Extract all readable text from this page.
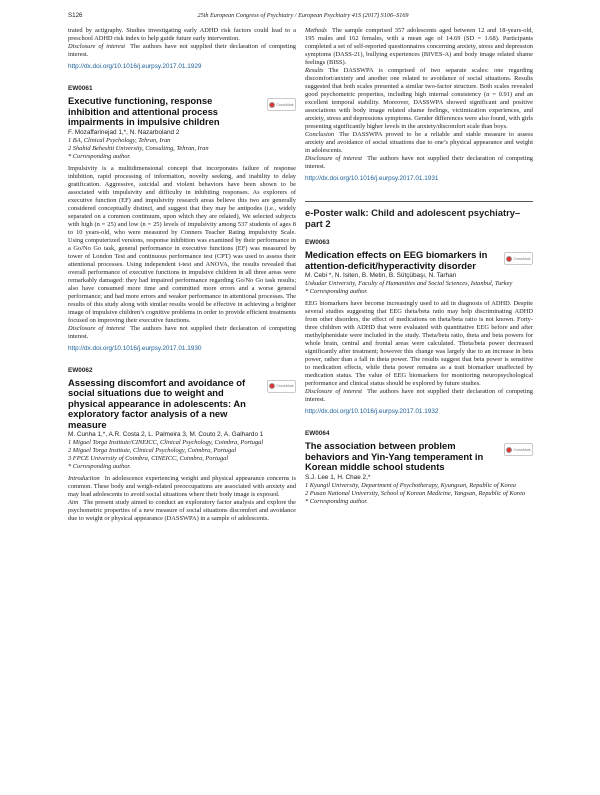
S126	25th European Congress of Psychiatry / European Psychiatry 41S (2017) S106–S169

trated by actigraphy. Studies investigating early ADHD risk factors could lead to a preschool ADHD risk index to help guide future early intervention.

Disclosure of interest The authors have not supplied their declaration of competing interest.

http://dx.doi.org/10.1016/j.eurpsy.2017.01.1929

EW0061
Executive functioning, response inhibition and attentional process impairments in impulsive children
CrossMark
F. Mozaffarinejad 1,*, N. Nazarboland 2
1 BA, Clinical Psychology, Tehran, Iran
2 Shahid Beheshti University, Consulting, Tehran, Iran
* Corresponding author.

Impulsivity is a multidimensional concept that incorporates failure of response inhibition, rapid processing of information, novelty seeking, and inability to delay gratification. Aggressive, suicidal and violent behaviors have been shown to be associated with impulsivity and difficulty in inhibiting responses. As explorers of executive function (EF) and impulsivity research areas believe this two are generally considered conceptually distinct, and suggest that they may be antipodes (i.e., widely separated on a common continuum, upon which they are related), We selected subjects with high (n = 25) and low (n = 25) levels of impulsivity among 537 students of ages 8 to 10 years-old, who were measured by Conners Teacher Rating impulsivity Scale. Using computerized versions, response inhibition was examined by their performance in a Go/No Go task, general performance in executive functions (EF) was measured by tower of London Test and continuous performance test (CPT) was used to assess their attentional processes. Using independent t-test and ANOVA, the results revealed that overall performance of executive functions in impulsive children in all three areas were remarkably damaged: they had impaired performance regarding Go/No Go task results; also have consumed more time and committed more errors and a worse general performance; and had more errors and weaker performance in attentional processes. The results of this study along with similar results would be effective in achieving a brighter image of impulsive children’s cognitive problems in order to provide efficient treatments focused on improving their executive functions.

Disclosure of interest The authors have not supplied their declaration of competing interest.

http://dx.doi.org/10.1016/j.eurpsy.2017.01.1930

EW0062
Assessing discomfort and avoidance of social situations due to weight and physical appearance in adolescents: An exploratory factor analysis of a new measure
CrossMark
M. Cunha 1,*, A.R. Costa 2, L. Palmeira 3, M. Couto 2, A. Galhardo 1
1 Miguel Torga Institute/CINEICC, Clinical Psychology, Coimbra, Portugal
2 Miguel Torga Institute, Clinical Psychology, Coimbra, Portugal
3 FPCE University of Coimbra, CINEICC, Coimbra, Portugal
* Corresponding author.

Introduction In adolescence experiencing weight and physical appearance concerns is common. These body and weigh-related preoccupations are associated with anxiety and may lead adolescents to avoid social situations where their body image is exposed.

Aim The present study aimed to conduct an exploratory factor analysis and explore the psychometric properties of a new measure of social situations discomfort and avoidance due to weight or physical appearance (DASSWPA) in a sample of adolescents.

Methods The sample comprised 357 adolescents aged between 12 and 18-years-old, 195 males and 162 females, with a mean age of 14.69 (SD = 1.68). Participants completed a set of self-reported questionnaires concerning anxiety, stress and depression symptoms (DASS-21), bullying experiences (BIVES-A) and body image related shame feelings (BISS).

Results The DASSWPA is comprised of two separate scales: one regarding discomfort/anxiety and another one related to avoidance of social situations. Results suggested that both scales presented a similar two-factor structure. Both scales revealed good psychometric properties, including high internal consistency (α = 0.91) and an excellent temporal stability. Moreover, DASSWPA showed significant and positive associations with body image related shame feelings, victimization experiences, and anxiety, stress and depressions symptoms. Gender differences were also found, with girls presenting significantly higher levels in the anxiety/discomfort scale than boys.

Conclusion The DASSWPA proved to be a reliable and stable measure to assess anxiety and avoidance of social situations due to one’s physical appearance and weight in adolescents.

Disclosure of interest The authors have not supplied their declaration of competing interest.

http://dx.doi.org/10.1016/j.eurpsy.2017.01.1931

e-Poster walk: Child and adolescent psychiatry–part 2
EW0063
Medication effects on EEG biomarkers in attention-deficit/hyperactivity disorder
CrossMark
M. Cebi *, N. Isiten, B. Metin, B. Sütçübaşı, N. Tarhan
Uskudar University, Faculty of Humanities and Social Sciences, Istanbul, Turkey
* Corresponding author.

EEG biomarkers have become increasingly used to aid in diagnosis of ADHD. Despite several studies suggesting that EEG theta/beta ratio may help discriminating ADHD from other disorders, the effect of medications on theta/beta ratio is not known. Forty-three children with ADHD that were evaluated with quantitative EEG before and after methylphenidate were included in the study. Theta/beta ratio, theta and beta powers for whole brain, central and frontal areas were calculated. Theta/beta power decreased significantly after treatment; however this change was largely due to an increase in beta power, rather than a fall in theta power. The results suggest that beta power is sensitive to medication effects, while theta power remains as a trait biomarker unaffected by medication status. The value of EEG biomarkers for monitoring neuropsychological performance and clinical status should be explored by future studies.

Disclosure of interest The authors have not supplied their declaration of competing interest.

http://dx.doi.org/10.1016/j.eurpsy.2017.01.1932

EW0064
The association between problem behaviors and Yin-Yang temperament in Korean middle school students
CrossMark
S.J. Lee 1, H. Chae 2,*
1 Kyungil University, Department of Psychotherapy, Kyungsan, Republic of Korea
2 Pusan National University, School of Korean Medicine, Yangsan, Republic of Korea
* Corresponding author.
